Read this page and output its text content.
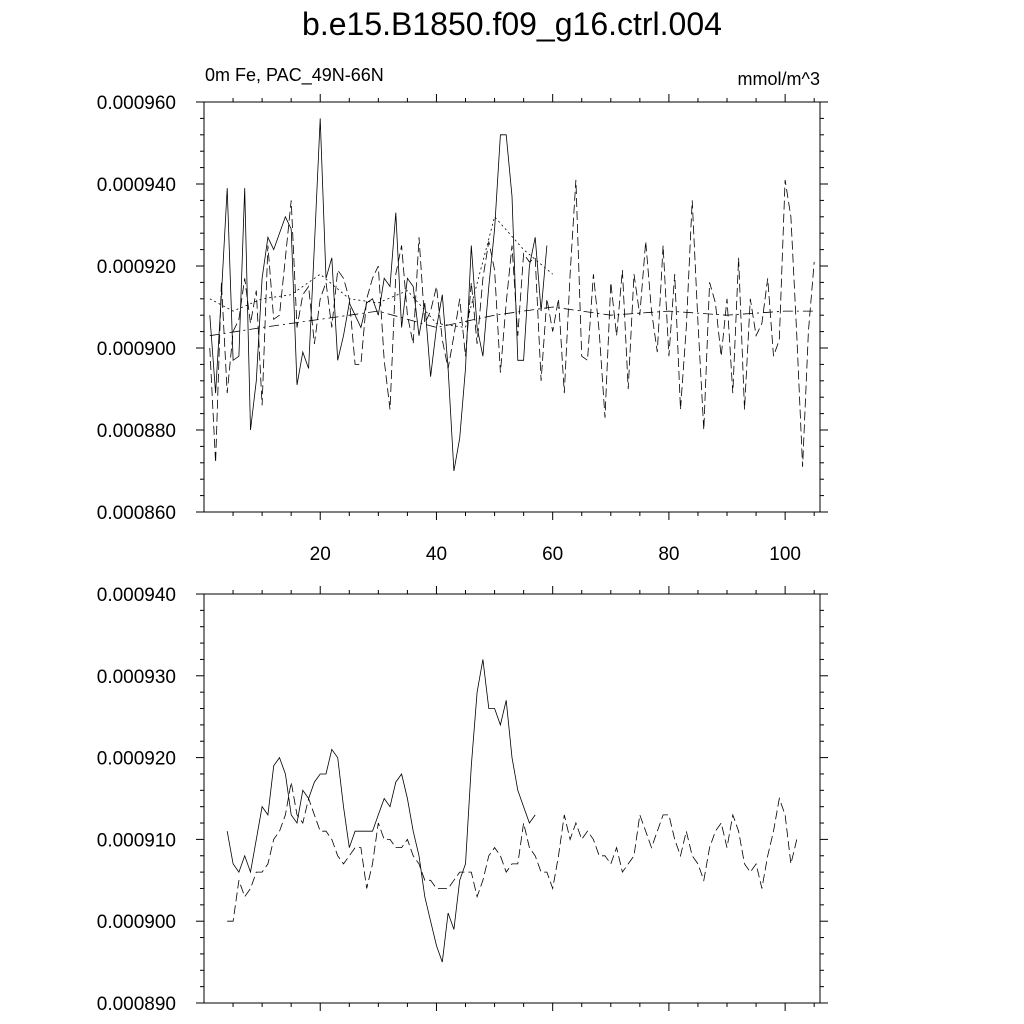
b.e15.B1850.f09_g16.ctrl.004
0m Fe, PAC_49N-66N	mmol/m^3
0.000860
0.000880
0.000900
0.000920
0.000940
0.000960
20	40	60	80	100
0.000890
0.000900
0.000910
0.000920
0.000930
0.000940
